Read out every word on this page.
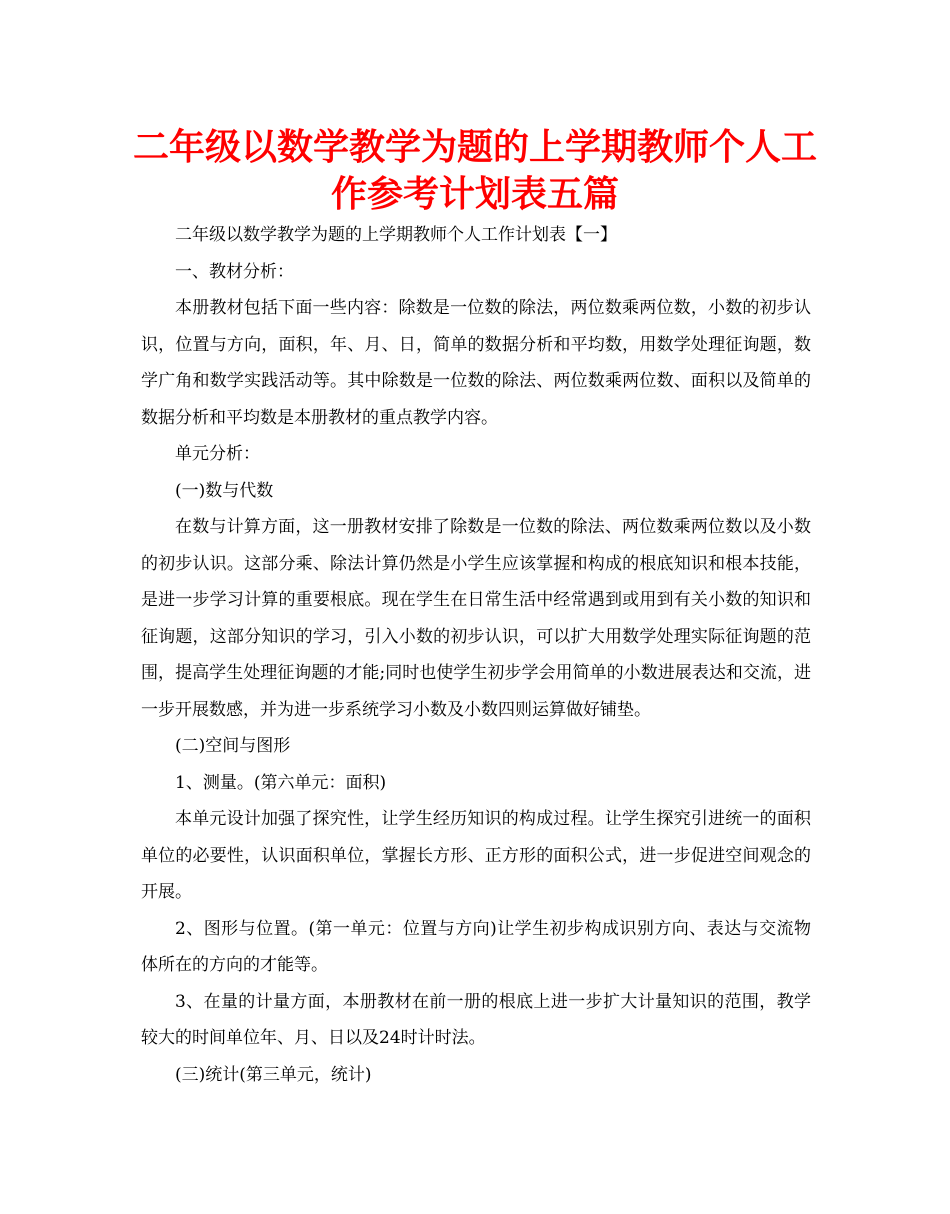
二年级以数学教学为题的上学期教师个人工作参考计划表五篇

二年级以数学教学为题的上学期教师个人工作计划表【一】

一、教材分析：

本册教材包括下面一些内容：除数是一位数的除法，两位数乘两位数，小数的初步认识，位置与方向，面积，年、月、日，简单的数据分析和平均数，用数学处理征询题，数学广角和数学实践活动等。其中除数是一位数的除法、两位数乘两位数、面积以及简单的数据分析和平均数是本册教材的重点教学内容。

单元分析：

(一)数与代数

在数与计算方面，这一册教材安排了除数是一位数的除法、两位数乘两位数以及小数的初步认识。这部分乘、除法计算仍然是小学生应该掌握和构成的根底知识和根本技能，是进一步学习计算的重要根底。现在学生在日常生活中经常遇到或用到有关小数的知识和征询题，这部分知识的学习，引入小数的初步认识，可以扩大用数学处理实际征询题的范围，提高学生处理征询题的才能;同时也使学生初步学会用简单的小数进展表达和交流，进一步开展数感，并为进一步系统学习小数及小数四则运算做好铺垫。

(二)空间与图形

1、测量。(第六单元：面积)

本单元设计加强了探究性，让学生经历知识的构成过程。让学生探究引进统一的面积单位的必要性，认识面积单位，掌握长方形、正方形的面积公式，进一步促进空间观念的开展。

2、图形与位置。(第一单元：位置与方向)让学生初步构成识别方向、表达与交流物体所在的方向的才能等。

3、在量的计量方面，本册教材在前一册的根底上进一步扩大计量知识的范围，教学较大的时间单位年、月、日以及24时计时法。

(三)统计(第三单元，统计)
